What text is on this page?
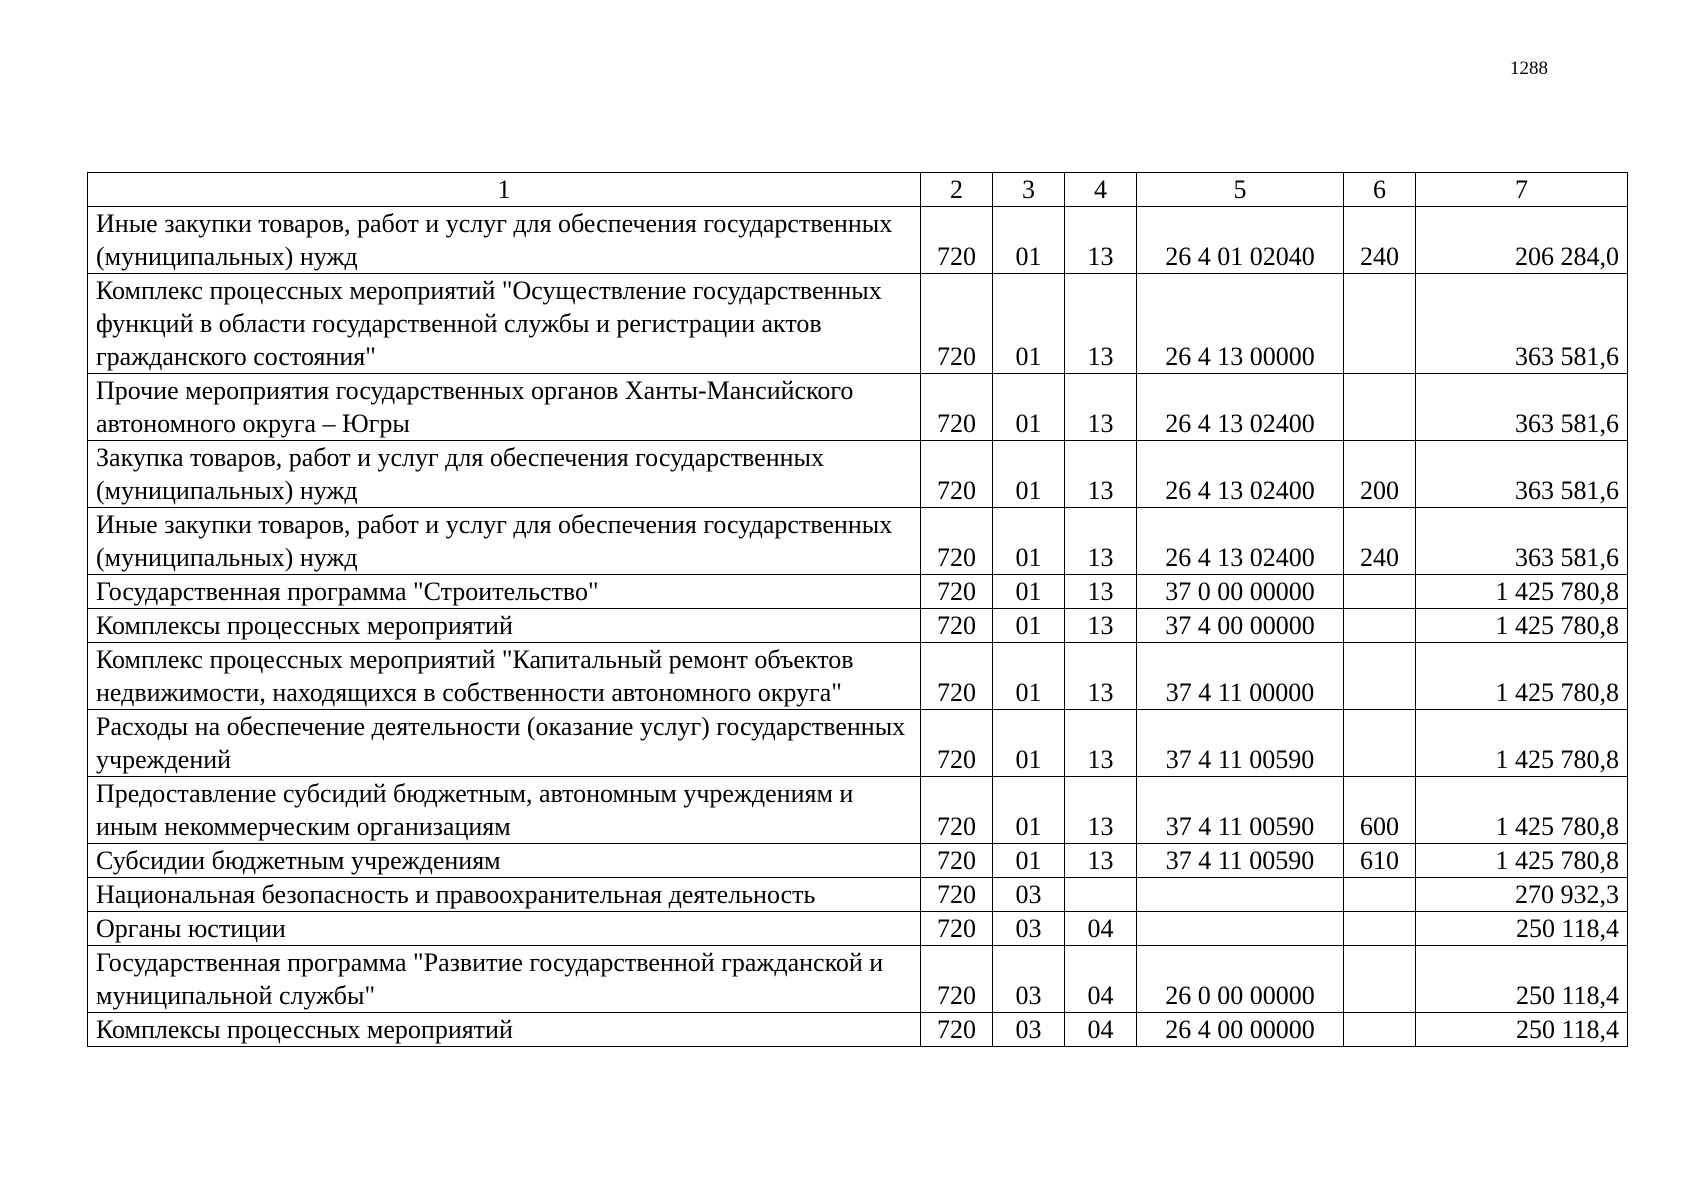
1288
1	2	3	4	5	6	7
Иные закупки товаров, работ и услуг для обеспечения государственных (муниципальных) нужд	720	01	13	26 4 01 02040	240	206 284,0
Комплекс процессных мероприятий "Осуществление государственных функций в области государственной службы и регистрации актов гражданского состояния"	720	01	13	26 4 13 00000		363 581,6
Прочие мероприятия государственных органов Ханты-Мансийского автономного округа – Югры	720	01	13	26 4 13 02400		363 581,6
Закупка товаров, работ и услуг для обеспечения государственных (муниципальных) нужд	720	01	13	26 4 13 02400	200	363 581,6
Иные закупки товаров, работ и услуг для обеспечения государственных (муниципальных) нужд	720	01	13	26 4 13 02400	240	363 581,6
Государственная программа "Строительство"	720	01	13	37 0 00 00000		1 425 780,8
Комплексы процессных мероприятий	720	01	13	37 4 00 00000		1 425 780,8
Комплекс процессных мероприятий "Капитальный ремонт объектов недвижимости, находящихся в собственности автономного округа"	720	01	13	37 4 11 00000		1 425 780,8
Расходы на обеспечение деятельности (оказание услуг) государственных учреждений	720	01	13	37 4 11 00590		1 425 780,8
Предоставление субсидий бюджетным, автономным учреждениям и иным некоммерческим организациям	720	01	13	37 4 11 00590	600	1 425 780,8
Субсидии бюджетным учреждениям	720	01	13	37 4 11 00590	610	1 425 780,8
Национальная безопасность и правоохранительная деятельность	720	03				270 932,3
Органы юстиции	720	03	04			250 118,4
Государственная программа "Развитие государственной гражданской и муниципальной службы"	720	03	04	26 0 00 00000		250 118,4
Комплексы процессных мероприятий	720	03	04	26 4 00 00000		250 118,4
